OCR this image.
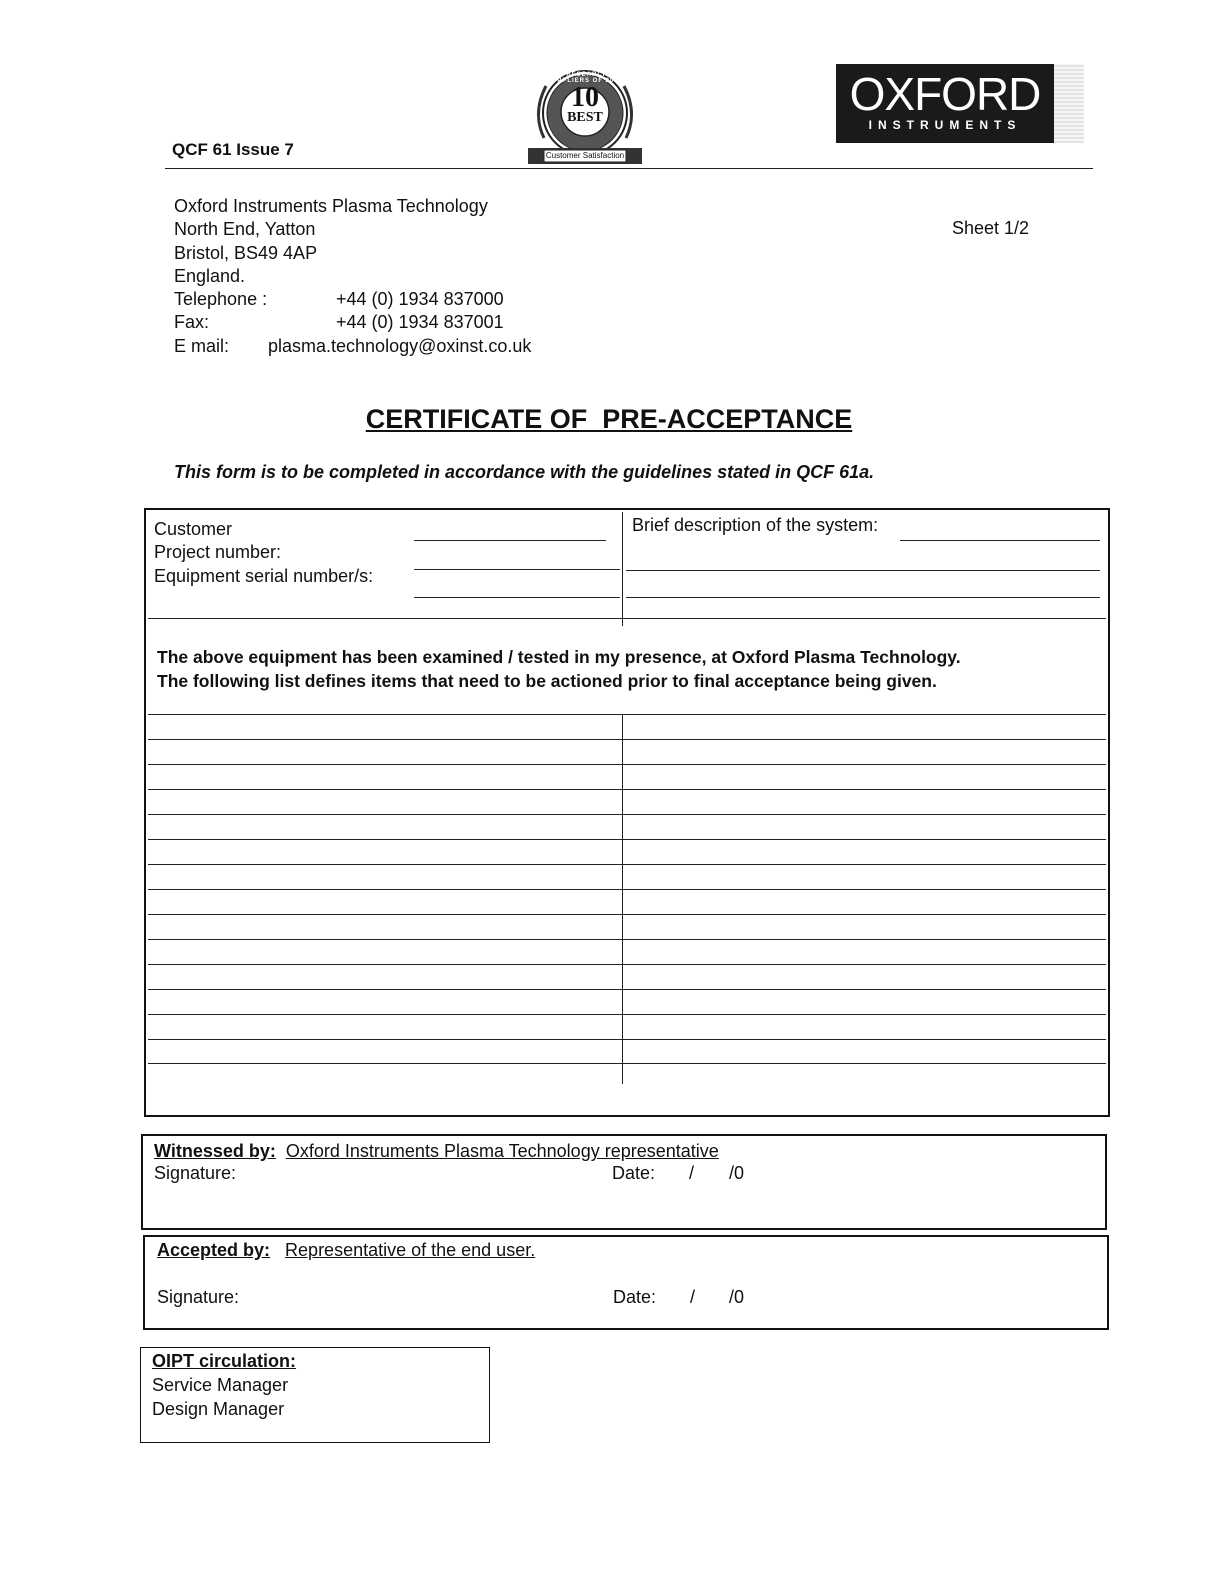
QCF 61 Issue 7
10
BEST
VLR RESEARCH UK SUPPLIERS OF 2002
Customer Satisfaction
OXFORD
INSTRUMENTS
Oxford Instruments Plasma Technology
North End, Yatton
Bristol, BS49 4AP
England.
Telephone :	+44 (0) 1934 837000
Fax:	+44 (0) 1934 837001
E mail: plasma.technology@oxinst.co.uk
Sheet 1/2
CERTIFICATE OF  PRE-ACCEPTANCE
This form is to be completed in accordance with the guidelines stated in QCF 61a.
Customer
Project number:
Equipment serial number/s:
Brief description of the system:
The above equipment has been examined / tested in my presence, at Oxford Plasma Technology.
The following list defines items that need to be actioned prior to final acceptance being given.
Witnessed by: Oxford Instruments Plasma Technology representative
Signature:	Date: / /0
Accepted by: Representative of the end user.
Signature:	Date: / /0
OIPT circulation:
Service Manager
Design Manager
